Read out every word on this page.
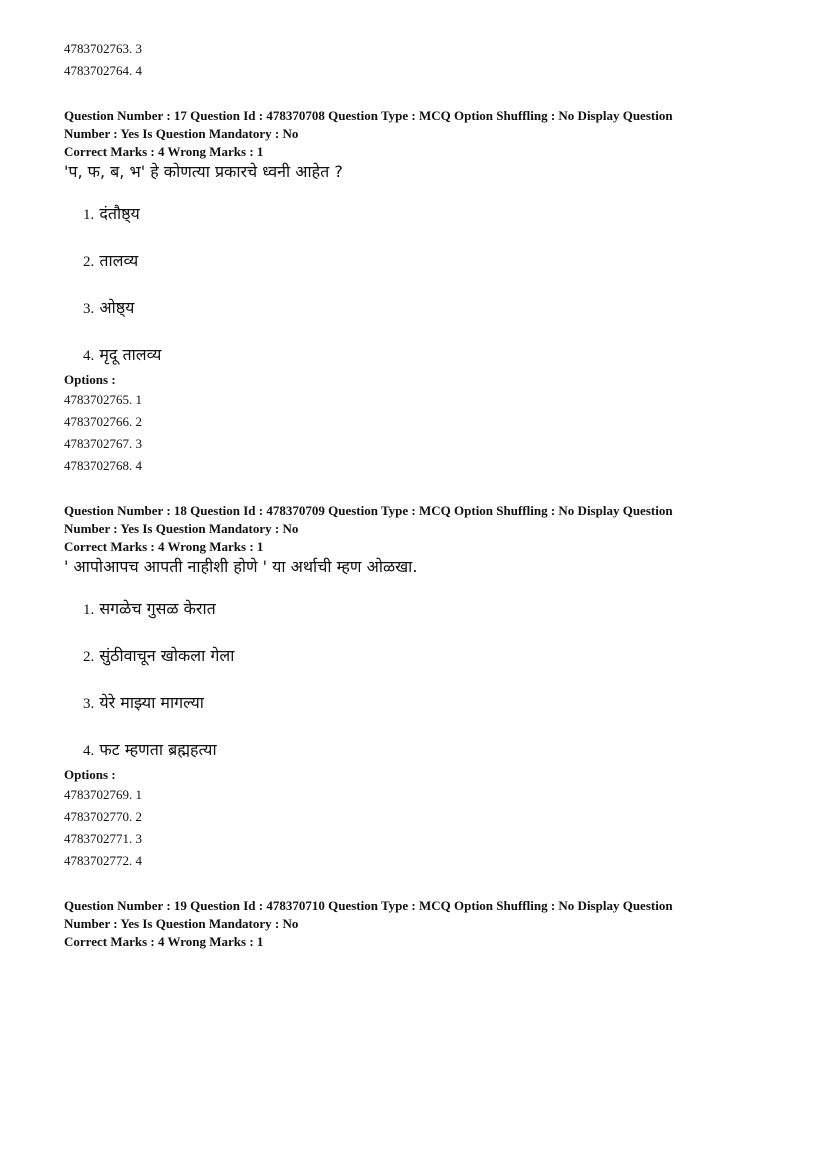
4783702763. 3
4783702764. 4
Question Number : 17 Question Id : 478370708 Question Type : MCQ Option Shuffling : No Display Question
Number : Yes Is Question Mandatory : No
Correct Marks : 4 Wrong Marks : 1
'प, फ, ब, भ' हे कोणत्या प्रकारचे ध्वनी आहेत ?
1. दंतौष्ठ्य
2. तालव्य
3. ओष्ठ्य
4. मृदू तालव्य
Options :
4783702765. 1
4783702766. 2
4783702767. 3
4783702768. 4
Question Number : 18 Question Id : 478370709 Question Type : MCQ Option Shuffling : No Display Question
Number : Yes Is Question Mandatory : No
Correct Marks : 4 Wrong Marks : 1
' आपोआपच आपती नाहीशी होणे ' या अर्थाची म्हण ओळखा.
1. सगळेच गुसळ केरात
2. सुंठीवाचून खोकला गेला
3. येरे माझ्या मागल्या
4. फट म्हणता ब्रह्महत्या
Options :
4783702769. 1
4783702770. 2
4783702771. 3
4783702772. 4
Question Number : 19 Question Id : 478370710 Question Type : MCQ Option Shuffling : No Display Question
Number : Yes Is Question Mandatory : No
Correct Marks : 4 Wrong Marks : 1
